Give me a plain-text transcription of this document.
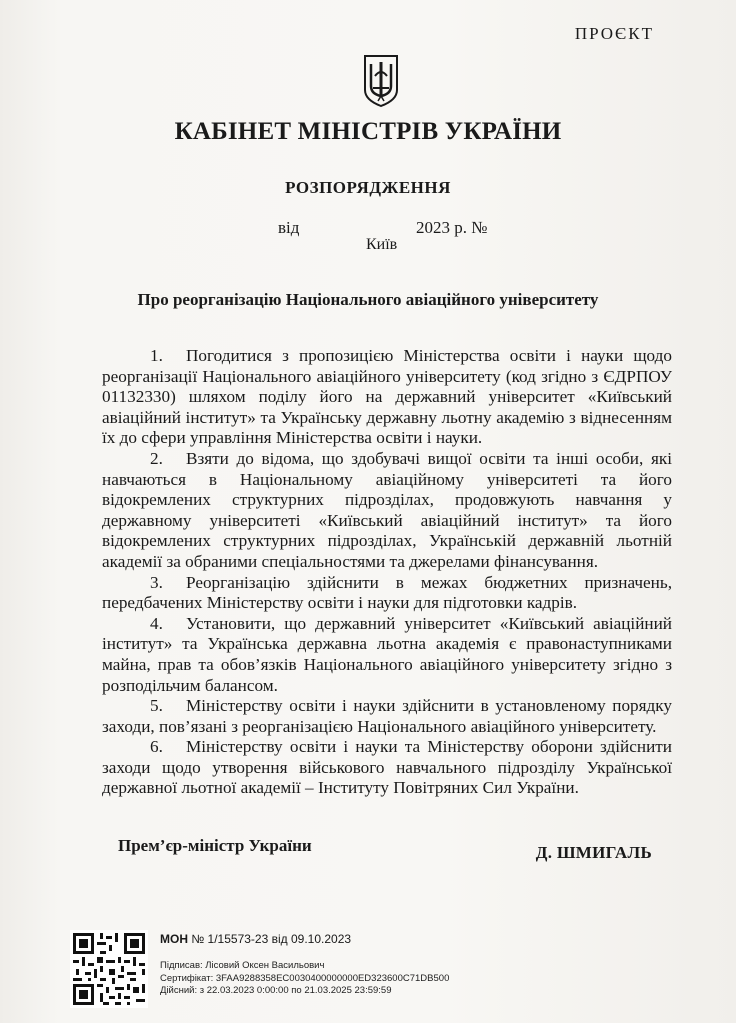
ПРОЄКТ
КАБІНЕТ МІНІСТРІВ УКРАЇНИ
РОЗПОРЯДЖЕННЯ
від	2023 р. №
Київ
Про реорганізацію Національного авіаційного університету

1. Погодитися з пропозицією Міністерства освіти і науки щодо реорганізації Національного авіаційного університету (код згідно з ЄДРПОУ 01132330) шляхом поділу його на державний університет «Київський авіаційний інститут» та Українську державну льотну академію з віднесенням їх до сфери управління Міністерства освіти і науки.

2. Взяти до відома, що здобувачі вищої освіти та інші особи, які навчаються в Національному авіаційному університеті та його відокремлених структурних підрозділах, продовжують навчання у державному університеті «Київський авіаційний інститут» та його відокремлених структурних підрозділах, Українській державній льотній академії за обраними спеціальностями та джерелами фінансування.

3. Реорганізацію здійснити в межах бюджетних призначень, передбачених Міністерству освіти і науки для підготовки кадрів.

4. Установити, що державний університет «Київський авіаційний інститут» та Українська державна льотна академія є правонаступниками майна, прав та обов’язків Національного авіаційного університету згідно з розподільчим балансом.

5. Міністерству освіти і науки здійснити в установленому порядку заходи, пов’язані з реорганізацією Національного авіаційного університету.

6. Міністерству освіти і науки та Міністерству оборони здійснити заходи щодо утворення військового навчального підрозділу Української державної льотної академії – Інституту Повітряних Сил України.

Прем’єр-міністр України	Д. ШМИГАЛЬ
МОН № 1/15573-23 від 09.10.2023
Підписав: Лісовий Оксен Васильович
Сертифікат: 3FAA9288358EC0030400000000ED323600C71DB500
Дійсний: з 22.03.2023 0:00:00 по 21.03.2025 23:59:59
